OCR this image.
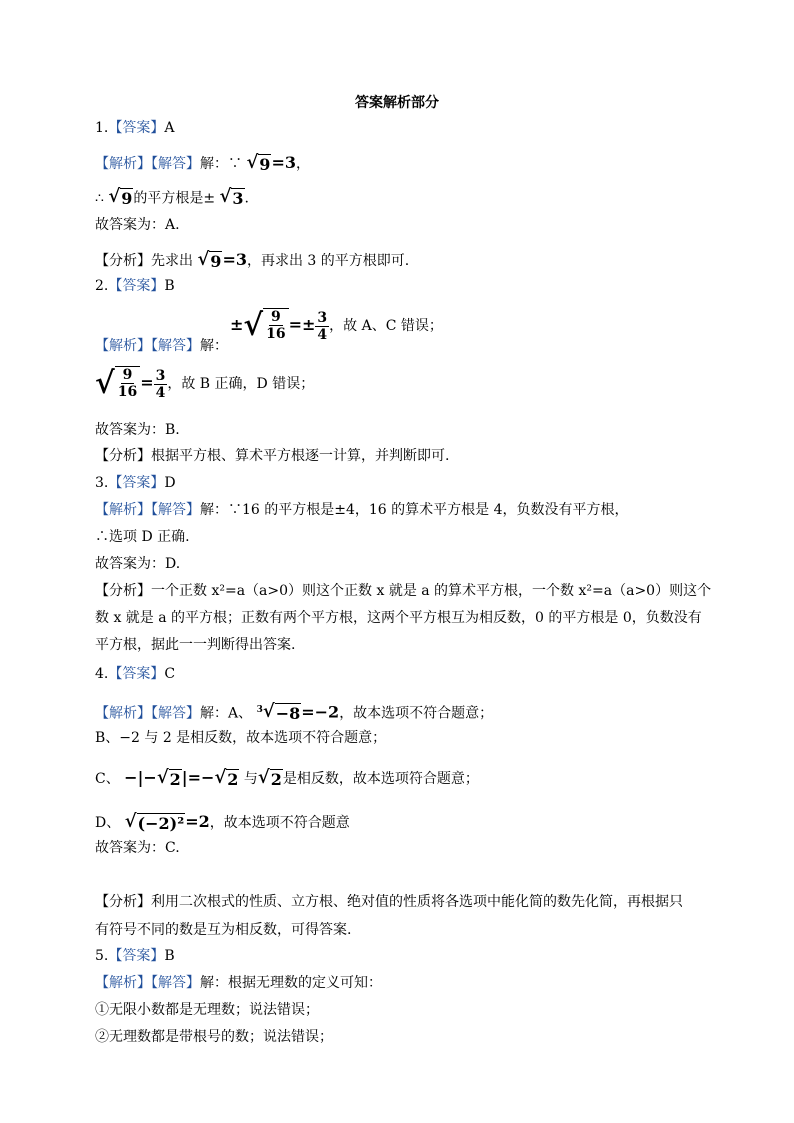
答案解析部分
1.【答案】A
【解析】【解答】解：∵ √ 9 =3，
∴ √ 9 的平方根是± √ 3 .
故答案为：A.
【分析】先求出 √ 9 =3，再求出 3 的平方根即可.
2.【答案】B
【解析】【解答】解：
± √ $\frac{9}{16} =\pm \frac{3}{4}$ ，故 A、C 错误；
√ $\frac{9}{16} = \frac{3}{4}$ ，故 B 正确，D 错误；
故答案为：B.
【分析】根据平方根、算术平方根逐一计算，并判断即可.
3.【答案】D
【解析】【解答】解：∵16 的平方根是±4，16 的算术平方根是 4，负数没有平方根，
∴选项 D 正确.
故答案为：D.
【分析】一个正数 x²=a（a>0）则这个正数 x 就是 a 的算术平方根，一个数 x²=a（a>0）则这个
数 x 就是 a 的平方根；正数有两个平方根，这两个平方根互为相反数，0 的平方根是 0，负数没有
平方根，据此一一判断得出答案.
4.【答案】C
【解析】【解答】解：A、 $^3$ √ −8 =−2，故本选项不符合题意；
B、−2 与 2 是相反数，故本选项不符合题意；
C、 −|− √ 2 |=− √ 2 与 √ 2 是相反数，故本选项符合题意；
D、 √ (−2)² =2，故本选项不符合题意
故答案为：C.
【分析】利用二次根式的性质、立方根、绝对值的性质将各选项中能化简的数先化简，再根据只
有符号不同的数是互为相反数，可得答案.
5.【答案】B
【解析】【解答】解：根据无理数的定义可知：
①无限小数都是无理数；说法错误；
②无理数都是带根号的数；说法错误；
